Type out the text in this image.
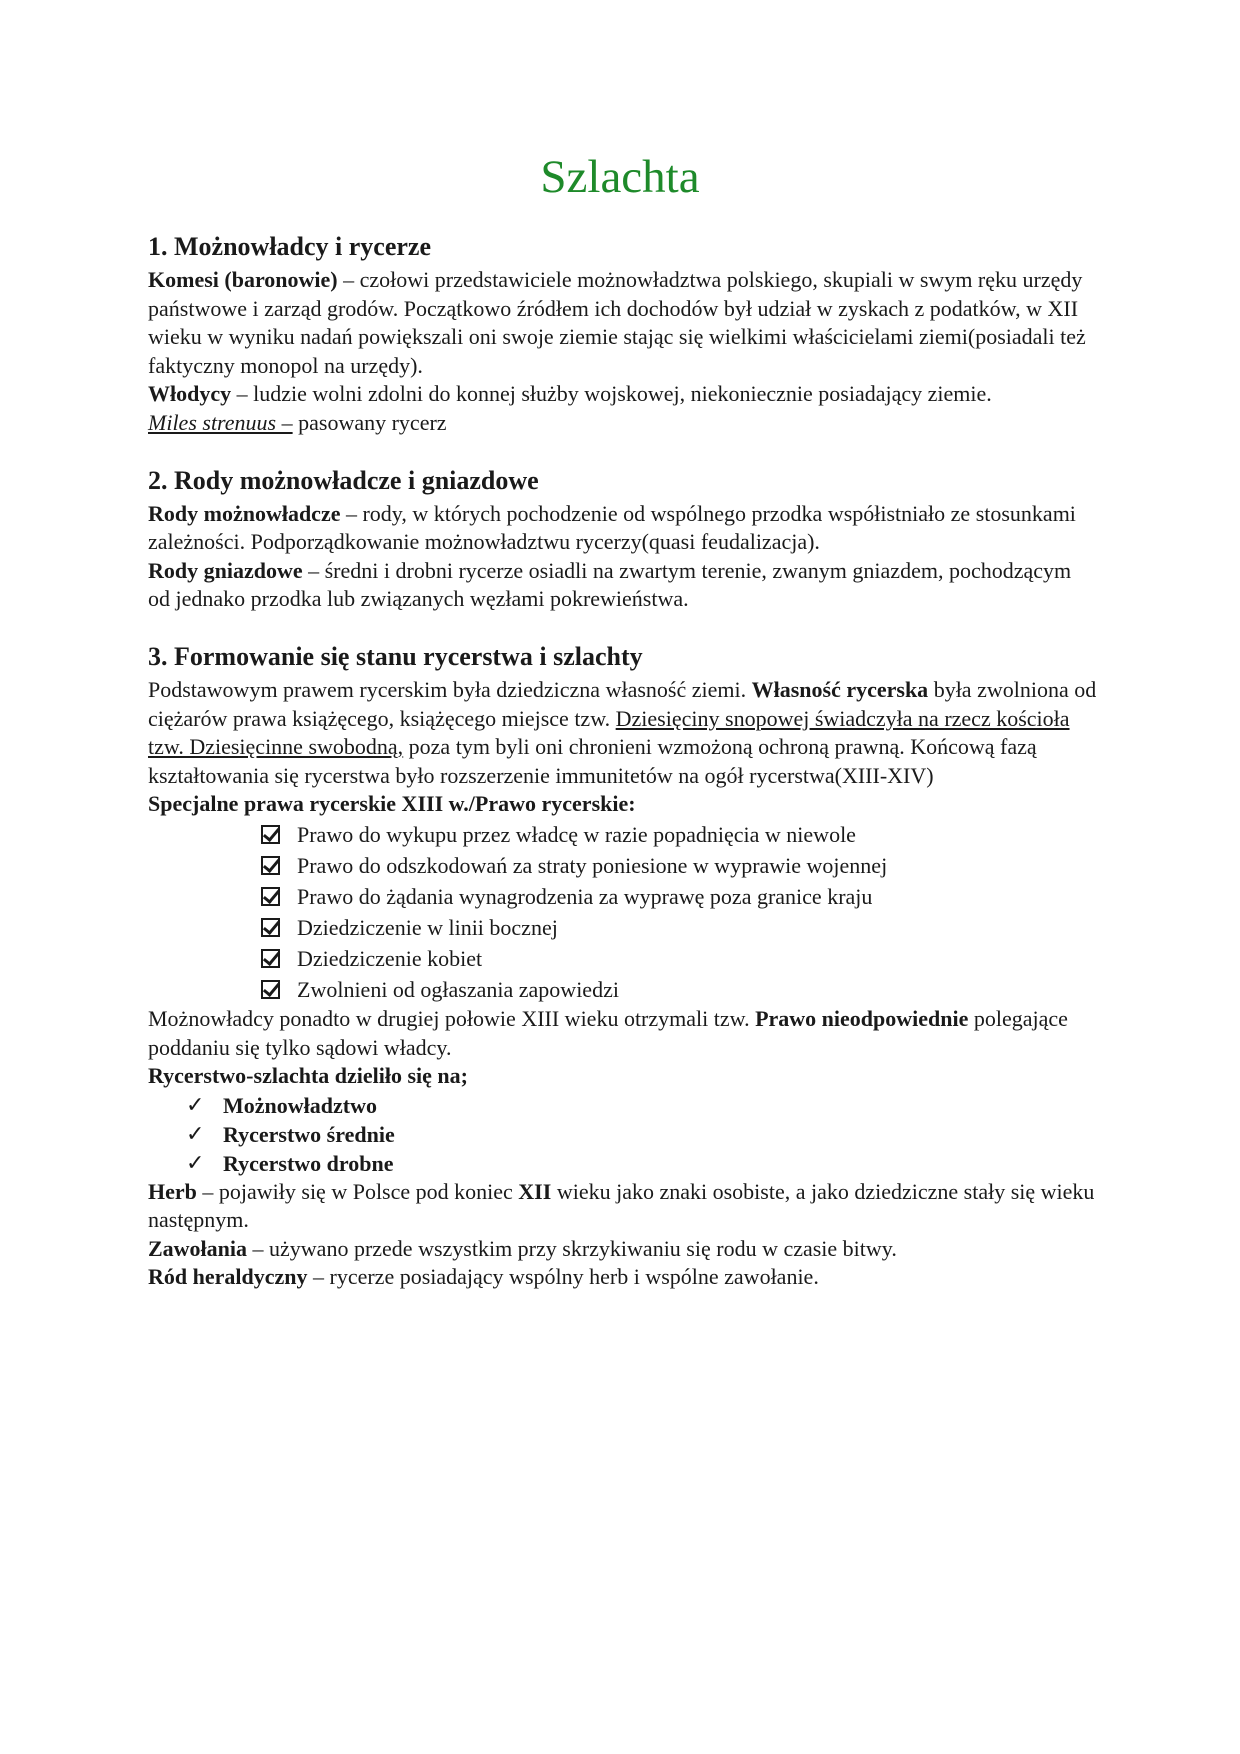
Szlachta
1. Możnowładcy i rycerze
Komesi (baronowie) – czołowi przedstawiciele możnowładztwa polskiego, skupiali w swym ręku urzędy państwowe i zarząd grodów. Początkowo źródłem ich dochodów był udział w zyskach z podatków, w XII wieku w wyniku nadań powiększali oni swoje ziemie stając się wielkimi właścicielami ziemi(posiadali też faktyczny monopol na urzędy).
Włodycy – ludzie wolni zdolni do konnej służby wojskowej, niekoniecznie posiadający ziemie.
Miles strenuus – pasowany rycerz
2. Rody możnowładcze i gniazdowe
Rody możnowładcze – rody, w których pochodzenie od wspólnego przodka współistniało ze stosunkami zależności. Podporządkowanie możnowładztwu rycerzy(quasi feudalizacja).
Rody gniazdowe – średni i drobni rycerze osiadli na zwartym terenie, zwanym gniazdem, pochodzącym od jednako przodka lub związanych węzłami pokrewieństwa.
3. Formowanie się stanu rycerstwa i szlachty
Podstawowym prawem rycerskim była dziedziczna własność ziemi. Własność rycerska była zwolniona od ciężarów prawa książęcego, książęcego miejsce tzw. Dziesięciny snopowej świadczyła na rzecz kościoła tzw. Dziesięcinne swobodną, poza tym byli oni chronieni wzmożoną ochroną prawną. Końcową fazą kształtowania się rycerstwa było rozszerzenie immunitetów na ogół rycerstwa(XIII-XIV)
Specjalne prawa rycerskie XIII w./Prawo rycerskie:
Prawo do wykupu przez władcę w razie popadnięcia w niewole
Prawo do odszkodowań za straty poniesione w wyprawie wojennej
Prawo do żądania wynagrodzenia za wyprawę poza granice kraju
Dziedziczenie w linii bocznej
Dziedziczenie kobiet
Zwolnieni od ogłaszania zapowiedzi
Możnowładcy ponadto w drugiej połowie XIII wieku otrzymali tzw. Prawo nieodpowiednie polegające poddaniu się tylko sądowi władcy.
Rycerstwo-szlachta dzieliło się na;
✓ Możnowładztwo
✓ Rycerstwo średnie
✓ Rycerstwo drobne
Herb – pojawiły się w Polsce pod koniec XII wieku jako znaki osobiste, a jako dziedziczne stały się wieku następnym.
Zawołania – używano przede wszystkim przy skrzykiwaniu się rodu w czasie bitwy.
Ród heraldyczny – rycerze posiadający wspólny herb i wspólne zawołanie.
